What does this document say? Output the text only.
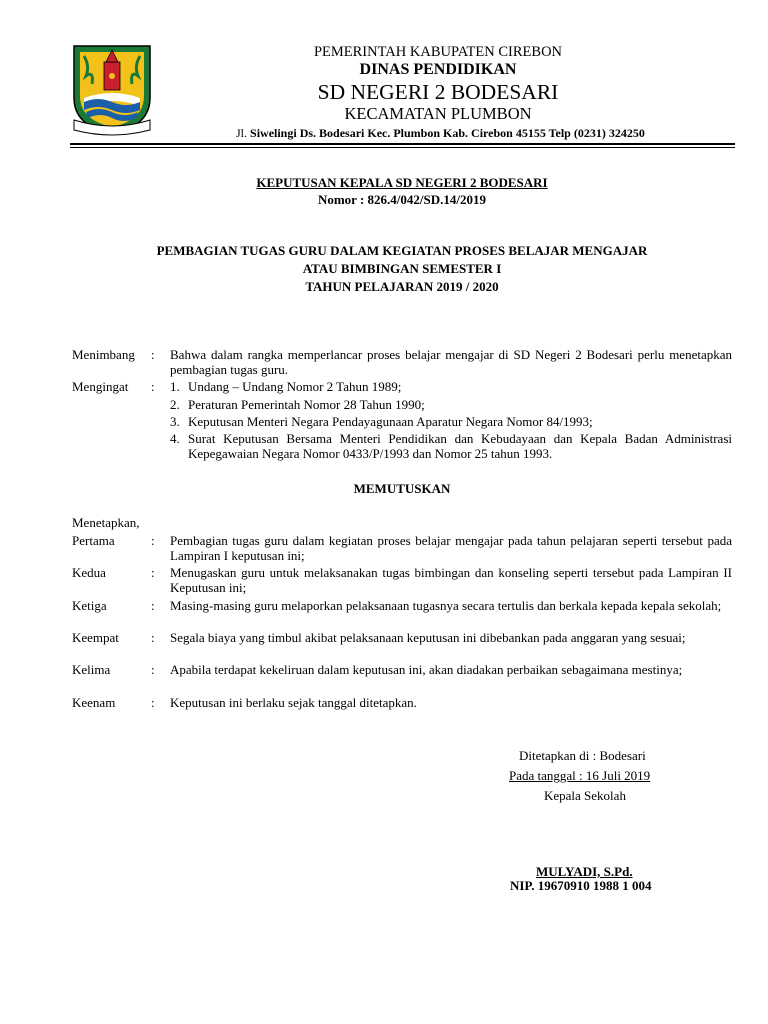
PEMERINTAH KABUPATEN CIREBON
DINAS PENDIDIKAN
SD NEGERI 2 BODESARI
KECAMATAN PLUMBON
Jl. Siwelingi Ds. Bodesari Kec. Plumbon Kab. Cirebon 45155 Telp (0231) 324250
KEPUTUSAN KEPALA SD NEGERI 2 BODESARI
Nomor : 826.4/042/SD.14/2019
PEMBAGIAN TUGAS GURU DALAM KEGIATAN PROSES BELAJAR MENGAJAR
ATAU BIMBINGAN SEMESTER I
TAHUN PELAJARAN 2019 / 2020
Menimbang : Bahwa dalam rangka memperlancar proses belajar mengajar di SD Negeri 2 Bodesari perlu menetapkan pembagian tugas guru.
Mengingat : 1. Undang – Undang Nomor 2 Tahun 1989;
2. Peraturan Pemerintah Nomor 28 Tahun 1990;
3. Keputusan Menteri Negara Pendayagunaan Aparatur Negara Nomor 84/1993;
4. Surat Keputusan Bersama Menteri Pendidikan dan Kebudayaan dan Kepala Badan Administrasi Kepegawaian Negara Nomor 0433/P/1993 dan Nomor 25 tahun 1993.
MEMUTUSKAN
Menetapkan,
Pertama	: Pembagian tugas guru dalam kegiatan proses belajar mengajar pada tahun pelajaran seperti tersebut pada Lampiran I keputusan ini;
Kedua	: Menugaskan guru untuk melaksanakan tugas bimbingan dan konseling seperti tersebut pada Lampiran II Keputusan ini;
Ketiga	: Masing-masing guru melaporkan pelaksanaan tugasnya secara tertulis dan berkala kepada kepala sekolah;
Keempat : Segala biaya yang timbul akibat pelaksanaan keputusan ini dibebankan pada anggaran yang sesuai;
Kelima	: Apabila terdapat kekeliruan dalam keputusan ini, akan diadakan perbaikan sebagaimana mestinya;
Keenam	: Keputusan ini berlaku sejak tanggal ditetapkan.
Ditetapkan di : Bodesari
Pada tanggal : 16 Juli 2019
Kepala Sekolah
MULYADI, S.Pd.
NIP. 19670910 1988 1 004
